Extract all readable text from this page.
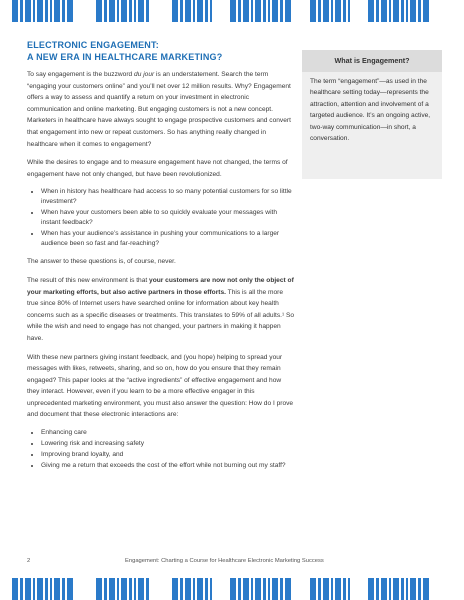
ELECTRONIC ENGAGEMENT:
A NEW ERA IN HEALTHCARE MARKETING?

To say engagement is the buzzword du jour is an understatement. Search the term “engaging your customers online” and you’ll net over 12 million results. Why? Engagement offers a way to assess and quantify a return on your investment in electronic communication and online marketing. But engaging customers is not a new concept. Marketers in healthcare have always sought to engage prospective customers and convert that engagement into new or repeat customers. So has anything really changed in healthcare when it comes to engagement?

While the desires to engage and to measure engagement have not changed, the terms of engagement have not only changed, but have been revolutionized.

• When in history has healthcare had access to so many potential customers for so little investment?
• When have your customers been able to so quickly evaluate your messages with instant feedback?
• When has your audience’s assistance in pushing your communications to a larger audience been so fast and far-reaching?

The answer to these questions is, of course, never.

The result of this new environment is that your customers are now not only the object of your marketing efforts, but also active partners in those efforts. This is all the more true since 80% of Internet users have searched online for information about key health concerns such as a specific diseases or treatments. This translates to 59% of all adults.¹ So while the wish and need to engage has not changed, your partners in making it happen have.

With these new partners giving instant feedback, and (you hope) helping to spread your messages with likes, retweets, sharing, and so on, how do you ensure that they remain engaged? This paper looks at the “active ingredients” of effective engagement and how they interact. However, even if you learn to be a more effective engager in this unprecedented marketing environment, you must also answer the question: How do I prove and document that these electronic interactions are:

• Enhancing care
• Lowering risk and increasing safety
• Improving brand loyalty, and
• Giving me a return that exceeds the cost of the effort while not burning out my staff?
What is Engagement?
The term “engagement”—as used in the healthcare setting today—represents the attraction, attention and involvement of a targeted audience. It’s an ongoing active, two-way communication—in short, a conversation.
2	Engagement: Charting a Course for Healthcare Electronic Marketing Success
